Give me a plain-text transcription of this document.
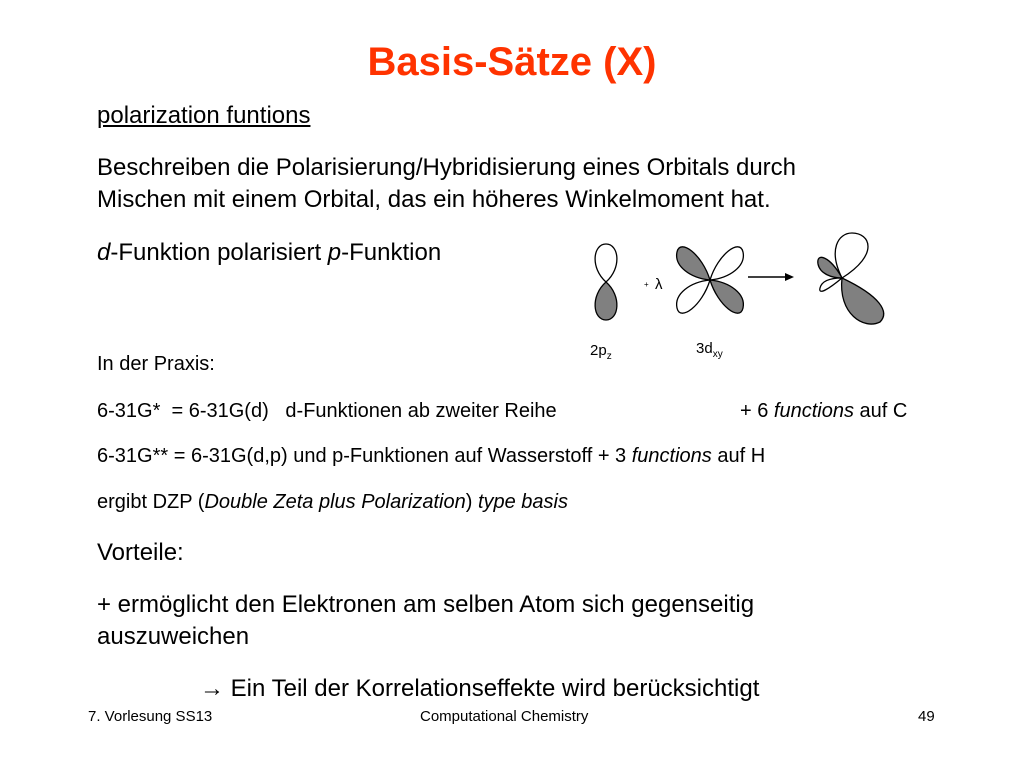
Basis-Sätze (X)
polarization funtions
Beschreiben die Polarisierung/Hybridisierung eines Orbitals durch
Mischen mit einem Orbital, das ein höheres Winkelmoment hat.
d-Funktion polarisiert p-Funktion
+ λ
$2p_z$	$3d_{xy}$
In der Praxis:
6-31G*  = 6-31G(d)   d-Funktionen ab zweiter Reihe	+ 6 functions auf C
6-31G** = 6-31G(d,p) und p-Funktionen auf Wasserstoff + 3 functions auf H
ergibt DZP (Double Zeta plus Polarization) type basis
Vorteile:
+ ermöglicht den Elektronen am selben Atom sich gegenseitig
auszuweichen
→ Ein Teil der Korrelationseffekte wird berücksichtigt
7. Vorlesung SS13	Computational Chemistry	49
